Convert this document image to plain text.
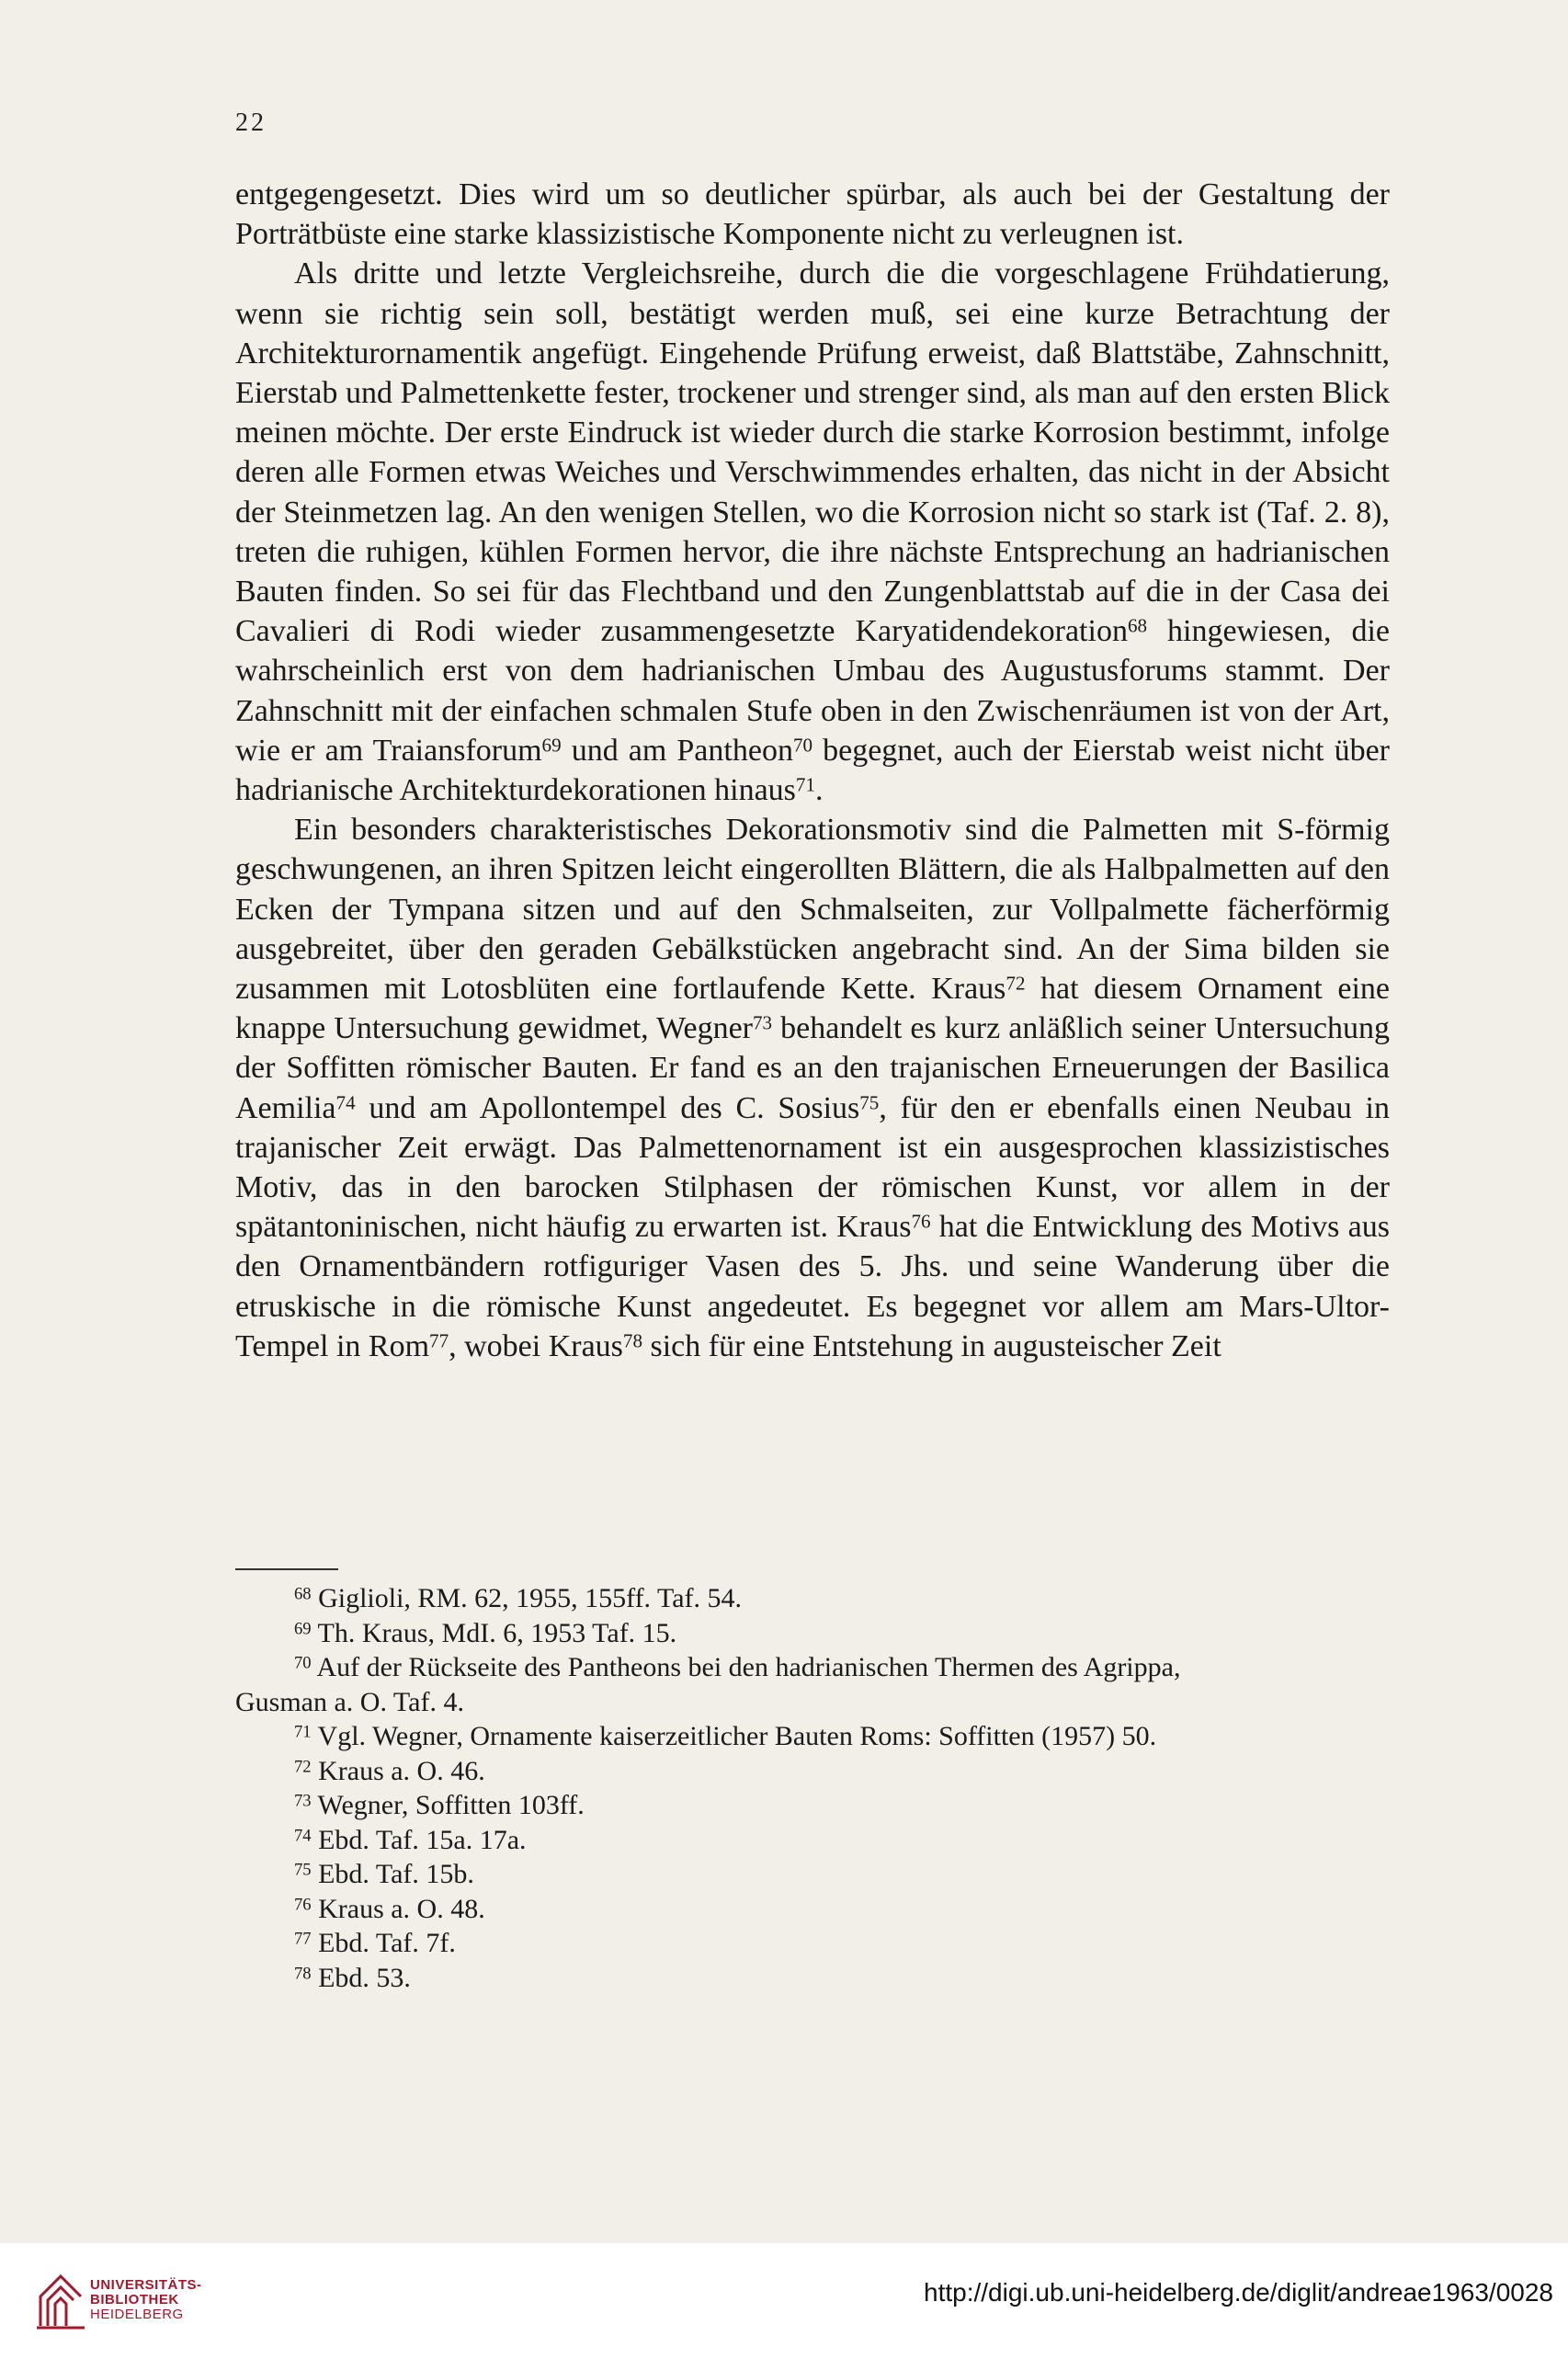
22

entgegengesetzt. Dies wird um so deutlicher spürbar, als auch bei der Gestaltung der Porträtbüste eine starke klassizistische Komponente nicht zu verleugnen ist.

Als dritte und letzte Vergleichsreihe, durch die die vorgeschlagene Frühdatierung, wenn sie richtig sein soll, bestätigt werden muß, sei eine kurze Betrachtung der Architekturornamentik angefügt. Eingehende Prüfung erweist, daß Blattstäbe, Zahnschnitt, Eierstab und Palmettenkette fester, trockener und strenger sind, als man auf den ersten Blick meinen möchte. Der erste Eindruck ist wieder durch die starke Korrosion bestimmt, infolge deren alle Formen etwas Weiches und Verschwimmendes erhalten, das nicht in der Absicht der Steinmetzen lag. An den wenigen Stellen, wo die Korrosion nicht so stark ist (Taf. 2. 8), treten die ruhigen, kühlen Formen hervor, die ihre nächste Entsprechung an hadrianischen Bauten finden. So sei für das Flechtband und den Zungenblattstab auf die in der Casa dei Cavalieri di Rodi wieder zusammengesetzte Karyatidendekoration$^{68}$ hingewiesen, die wahrscheinlich erst von dem hadrianischen Umbau des Augustusforums stammt. Der Zahnschnitt mit der einfachen schmalen Stufe oben in den Zwischenräumen ist von der Art, wie er am Traiansforum$^{69}$ und am Pantheon$^{70}$ begegnet, auch der Eierstab weist nicht über hadrianische Architekturdekorationen hinaus$^{71}$.

Ein besonders charakteristisches Dekorationsmotiv sind die Palmetten mit S-förmig geschwungenen, an ihren Spitzen leicht eingerollten Blättern, die als Halbpalmetten auf den Ecken der Tympana sitzen und auf den Schmalseiten, zur Vollpalmette fächerförmig ausgebreitet, über den geraden Gebälkstücken angebracht sind. An der Sima bilden sie zusammen mit Lotosblüten eine fortlaufende Kette. Kraus$^{72}$ hat diesem Ornament eine knappe Untersuchung gewidmet, Wegner$^{73}$ behandelt es kurz anläßlich seiner Untersuchung der Soffitten römischer Bauten. Er fand es an den trajanischen Erneuerungen der Basilica Aemilia$^{74}$ und am Apollontempel des C. Sosius$^{75}$, für den er ebenfalls einen Neubau in trajanischer Zeit erwägt. Das Palmettenornament ist ein ausgesprochen klassizistisches Motiv, das in den barocken Stilphasen der römischen Kunst, vor allem in der spätantoninischen, nicht häufig zu erwarten ist. Kraus$^{76}$ hat die Entwicklung des Motivs aus den Ornamentbändern rotfiguriger Vasen des 5. Jhs. und seine Wanderung über die etruskische in die römische Kunst angedeutet. Es begegnet vor allem am Mars-Ultor-Tempel in Rom$^{77}$, wobei Kraus$^{78}$ sich für eine Entstehung in augusteischer Zeit

$^{68}$ Giglioli, RM. 62, 1955, 155ff. Taf. 54.
$^{69}$ Th. Kraus, MdI. 6, 1953 Taf. 15.
$^{70}$ Auf der Rückseite des Pantheons bei den hadrianischen Thermen des Agrippa,
Gusman a. O. Taf. 4.
$^{71}$ Vgl. Wegner, Ornamente kaiserzeitlicher Bauten Roms: Soffitten (1957) 50.
$^{72}$ Kraus a. O. 46.
$^{73}$ Wegner, Soffitten 103ff.
$^{74}$ Ebd. Taf. 15a. 17a.
$^{75}$ Ebd. Taf. 15b.
$^{76}$ Kraus a. O. 48.
$^{77}$ Ebd. Taf. 7f.
$^{78}$ Ebd. 53.
UNIVERSITÄTS-
BIBLIOTHEK
HEIDELBERG
http://digi.ub.uni-heidelberg.de/diglit/andreae1963/0028
